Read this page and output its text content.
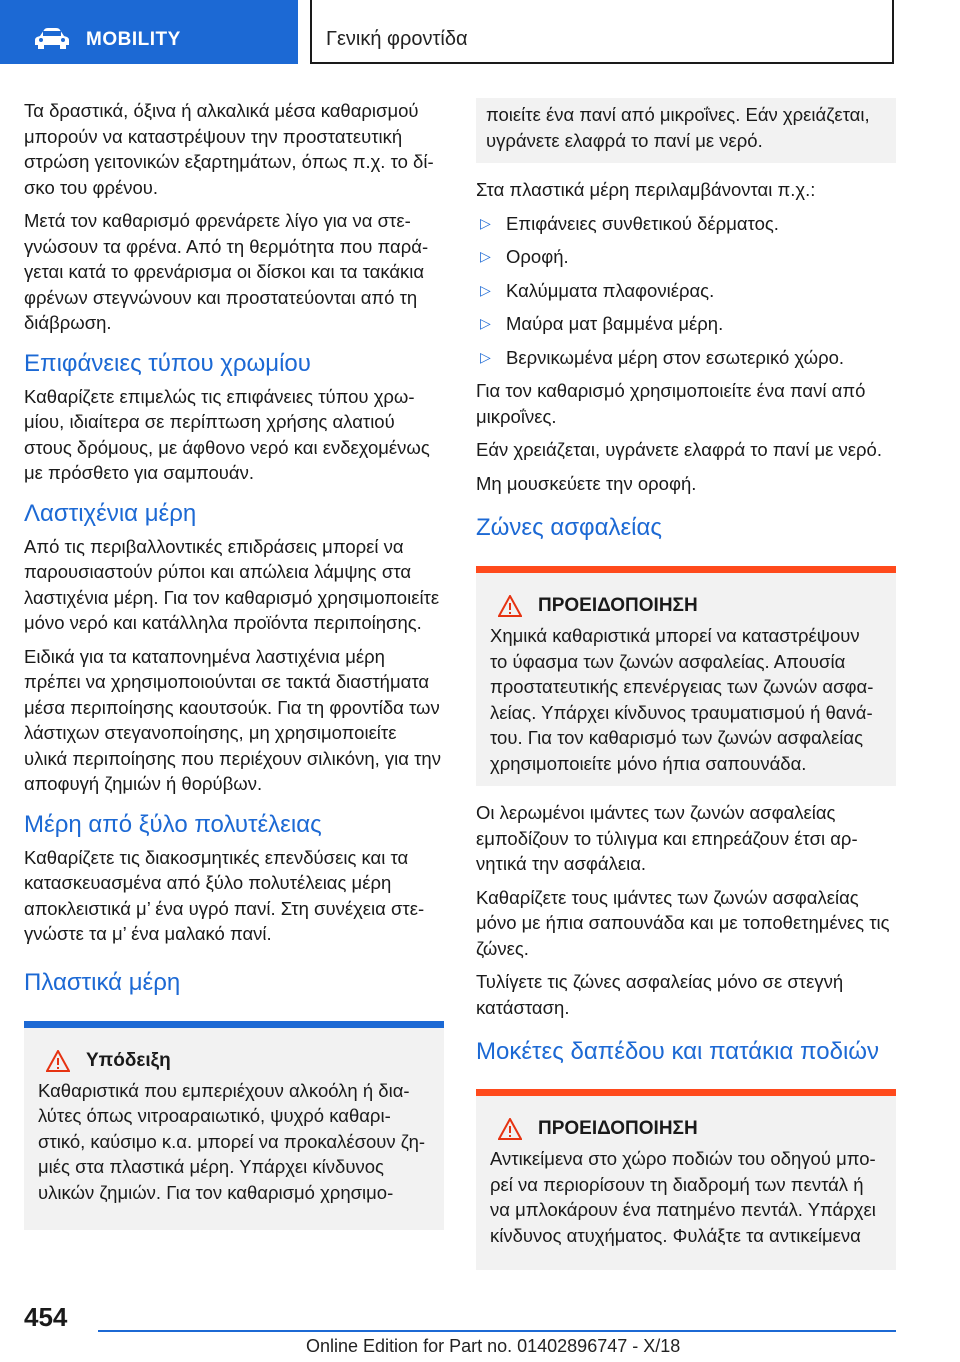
MOBILITY	Γενική φροντίδα

Τα δραστικά, όξινα ή αλκαλικά μέσα καθαρισμού μπορούν να καταστρέψουν την προστατευτική στρώση γειτονικών εξαρτημάτων, όπως π.χ. το δίσκο του φρένου.

Μετά τον καθαρισμό φρενάρετε λίγο για να στεγνώσουν τα φρένα. Από τη θερμότητα που παράγεται κατά το φρενάρισμα οι δίσκοι και τα τακάκια φρένων στεγνώνουν και προστατεύονται από τη διάβρωση.

Επιφάνειες τύπου χρωμίου

Καθαρίζετε επιμελώς τις επιφάνειες τύπου χρωμίου, ιδιαίτερα σε περίπτωση χρήσης αλατιού στους δρόμους, με άφθονο νερό και ενδεχομένως με πρόσθετο για σαμπουάν.

Λαστιχένια μέρη

Από τις περιβαλλοντικές επιδράσεις μπορεί να παρουσιαστούν ρύποι και απώλεια λάμψης στα λαστιχένια μέρη. Για τον καθαρισμό χρησιμοποιείτε μόνο νερό και κατάλληλα προϊόντα περιποίησης.

Ειδικά για τα καταπονημένα λαστιχένια μέρη πρέπει να χρησιμοποιούνται σε τακτά διαστήματα μέσα περιποίησης καουτσούκ. Για τη φροντίδα των λάστιχων στεγανοποίησης, μη χρησιμοποιείτε υλικά περιποίησης που περιέχουν σιλικόνη, για την αποφυγή ζημιών ή θορύβων.

Μέρη από ξύλο πολυτέλειας

Καθαρίζετε τις διακοσμητικές επενδύσεις και τα κατασκευασμένα από ξύλο πολυτέλειας μέρη αποκλειστικά μ’ ένα υγρό πανί. Στη συνέχεια στεγνώστε τα μ’ ένα μαλακό πανί.

Πλαστικά μέρη
Υπόδειξη

Καθαριστικά που εμπεριέχουν αλκοόλη ή διαλύτες όπως νιτροαραιωτικό, ψυχρό καθαριστικό, καύσιμο κ.α. μπορεί να προκαλέσουν ζημιές στα πλαστικά μέρη. Υπάρχει κίνδυνος υλικών ζημιών. Για τον καθαρισμό χρησιμο-

ποιείτε ένα πανί από μικροΐνες. Εάν χρειάζεται, υγράνετε ελαφρά το πανί με νερό.

Στα πλαστικά μέρη περιλαμβάνονται π.χ.:

▷ Επιφάνειες συνθετικού δέρματος.
▷ Οροφή.
▷ Καλύμματα πλαφονιέρας.
▷ Μαύρα ματ βαμμένα μέρη.
▷ Βερνικωμένα μέρη στον εσωτερικό χώρο.

Για τον καθαρισμό χρησιμοποιείτε ένα πανί από μικροΐνες.

Εάν χρειάζεται, υγράνετε ελαφρά το πανί με νερό.

Μη μουσκεύετε την οροφή.

Ζώνες ασφαλείας
ΠΡΟΕΙΔΟΠΟΙΗΣΗ

Χημικά καθαριστικά μπορεί να καταστρέψουν το ύφασμα των ζωνών ασφαλείας. Απουσία προστατευτικής επενέργειας των ζωνών ασφαλείας. Υπάρχει κίνδυνος τραυματισμού ή θανάτου. Για τον καθαρισμό των ζωνών ασφαλείας χρησιμοποιείτε μόνο ήπια σαπουνάδα.

Οι λερωμένοι ιμάντες των ζωνών ασφαλείας εμποδίζουν το τύλιγμα και επηρεάζουν έτσι αρνητικά την ασφάλεια.

Καθαρίζετε τους ιμάντες των ζωνών ασφαλείας μόνο με ήπια σαπουνάδα και με τοποθετημένες τις ζώνες.

Τυλίγετε τις ζώνες ασφαλείας μόνο σε στεγνή κατάσταση.

Μοκέτες δαπέδου και πατάκια ποδιών
ΠΡΟΕΙΔΟΠΟΙΗΣΗ

Αντικείμενα στο χώρο ποδιών του οδηγού μπορεί να περιορίσουν τη διαδρομή των πεντάλ ή να μπλοκάρουν ένα πατημένο πεντάλ. Υπάρχει κίνδυνος ατυχήματος. Φυλάξτε τα αντικείμενα

454
Online Edition for Part no. 01402896747 - X/18
